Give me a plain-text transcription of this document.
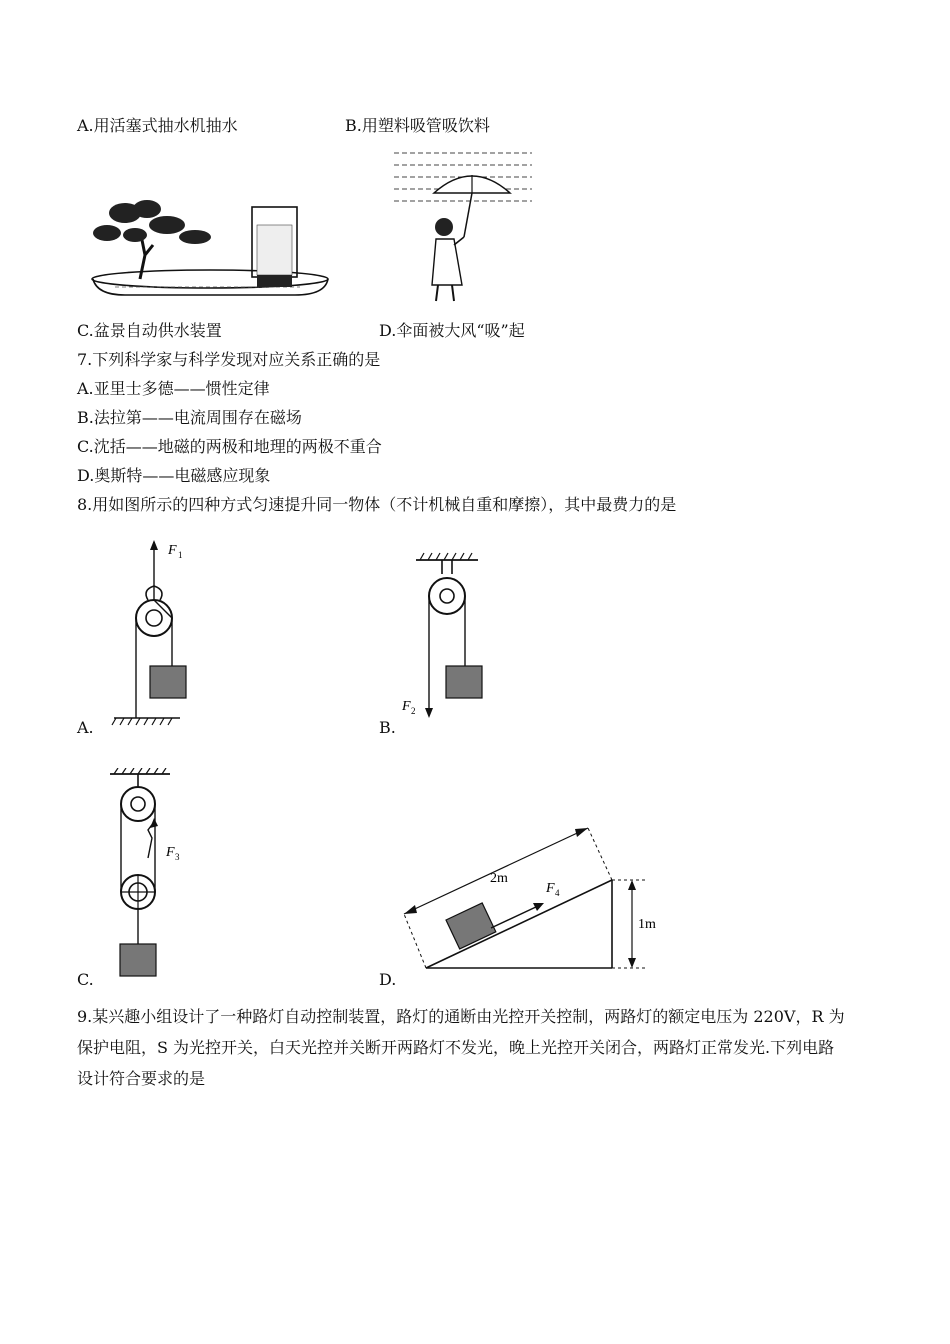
A.用活塞式抽水机抽水	B.用塑料吸管吸饮料
C.盆景自动供水装置	D.伞面被大风“吸”起
7.下列科学家与科学发现对应关系正确的是
A.亚里士多德——惯性定律
B.法拉第——电流周围存在磁场
C.沈括——地磁的两极和地理的两极不重合
D.奥斯特——电磁感应现象
8.用如图所示的四种方式匀速提升同一物体（不计机械自重和摩擦），其中最费力的是
F 1
A.
F 2
B.
F 3
C.
F 4
2m
1m
D.
9.某兴趣小组设计了一种路灯自动控制装置，路灯的通断由光控开关控制，两路灯的额定电压为 220V，R 为
保护电阻，S 为光控开关，白天光控并关断开两路灯不发光，晚上光控开关闭合，两路灯正常发光.下列电路
设计符合要求的是
